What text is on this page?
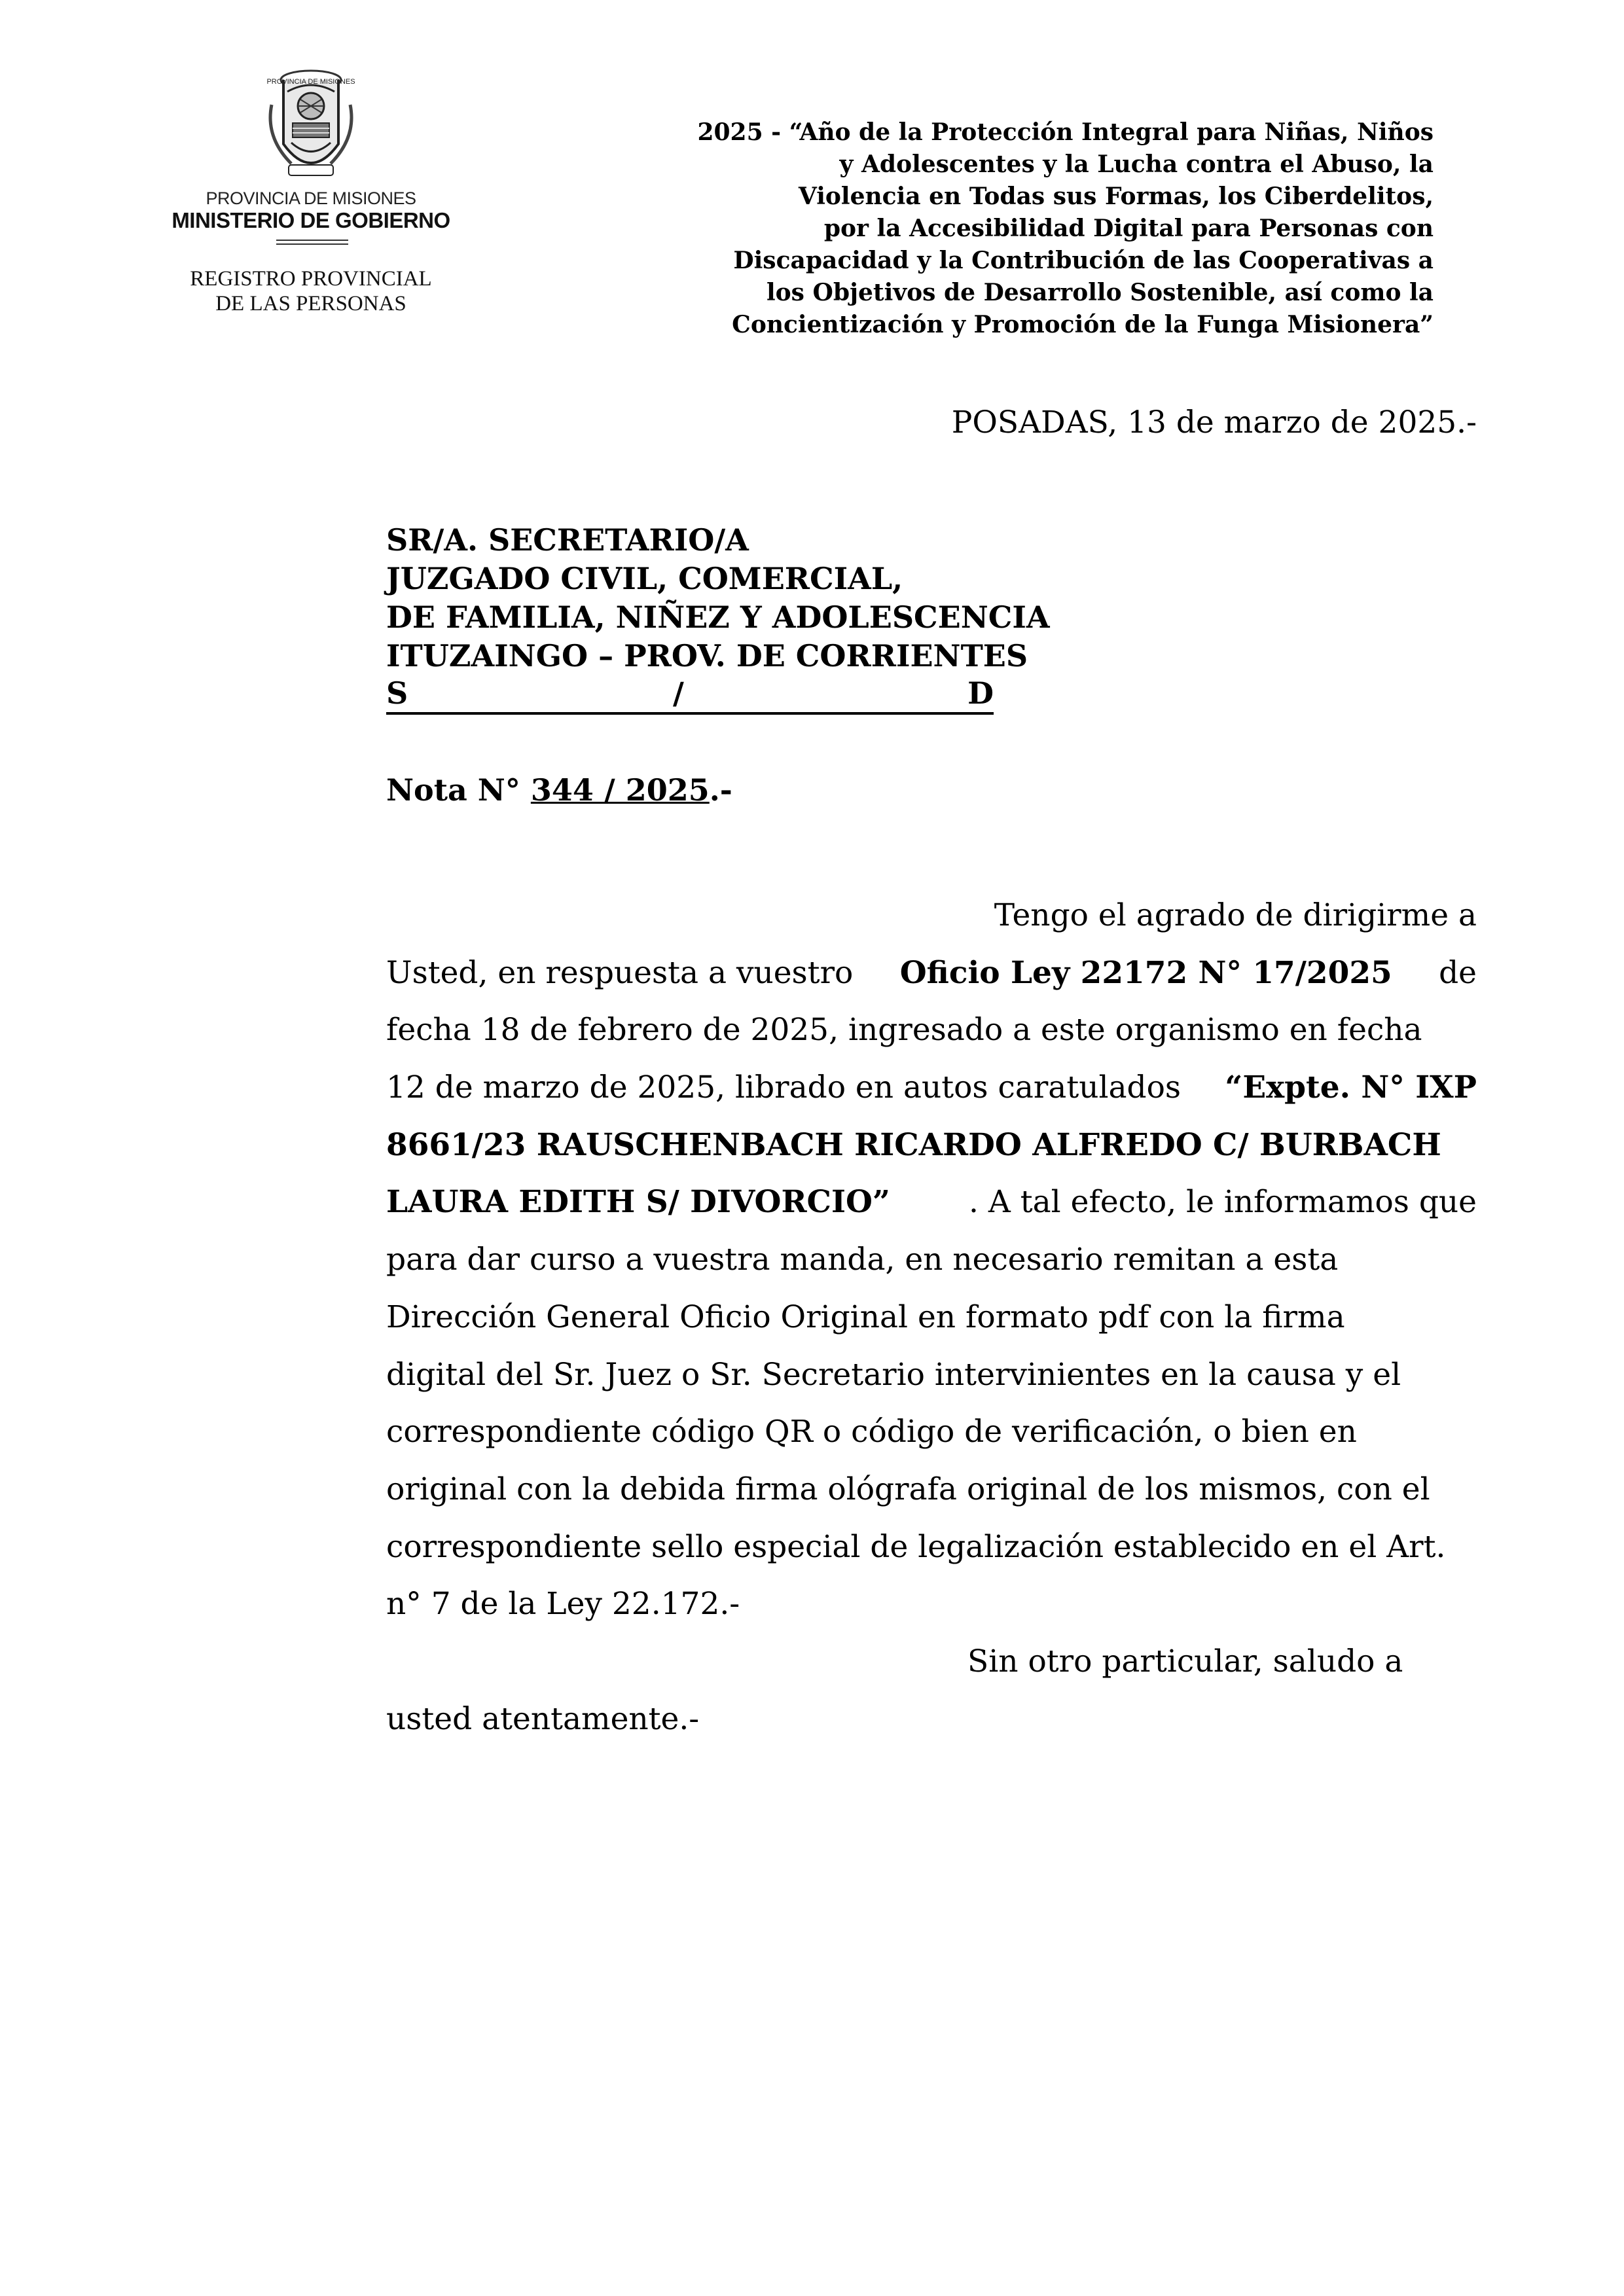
PROVINCIA DE MISIONES
PROVINCIA DE MISIONES
MINISTERIO DE GOBIERNO
REGISTRO PROVINCIAL
DE LAS PERSONAS
2025 - “Año de la Protección Integral para Niñas, Niños
y Adolescentes y la Lucha contra el Abuso, la
Violencia en Todas sus Formas, los Ciberdelitos,
por la Accesibilidad Digital para Personas con
Discapacidad y la Contribución de las Cooperativas a
los Objetivos de Desarrollo Sostenible, así como la
Concientización y Promoción de la Funga Misionera”
POSADAS, 13 de marzo de 2025.-
SR/A. SECRETARIO/A
JUZGADO CIVIL, COMERCIAL,
DE FAMILIA, NIÑEZ Y ADOLESCENCIA
ITUZAINGO – PROV. DE CORRIENTES
S	/	D
Nota N° 344 / 2025.-
Tengo el agrado de dirigirme a
Usted, en respuesta a vuestro Oficio Ley 22172 N° 17/2025 de
fecha 18 de febrero de 2025, ingresado a este organismo en fecha
12 de marzo de 2025, librado en autos caratulados “Expte. N° IXP
8661/23 RAUSCHENBACH RICARDO ALFREDO C/ BURBACH
LAURA EDITH S/ DIVORCIO”	. A tal efecto, le informamos que
para dar curso a vuestra manda, en necesario remitan a esta
Dirección General Oficio Original en formato pdf con la firma
digital del Sr. Juez o Sr. Secretario intervinientes en la causa y el
correspondiente código QR o código de verificación, o bien en
original con la debida firma ológrafa original de los mismos, con el
correspondiente sello especial de legalización establecido en el Art.
n° 7 de la Ley 22.172.-
Sin otro particular, saludo a
usted atentamente.-
